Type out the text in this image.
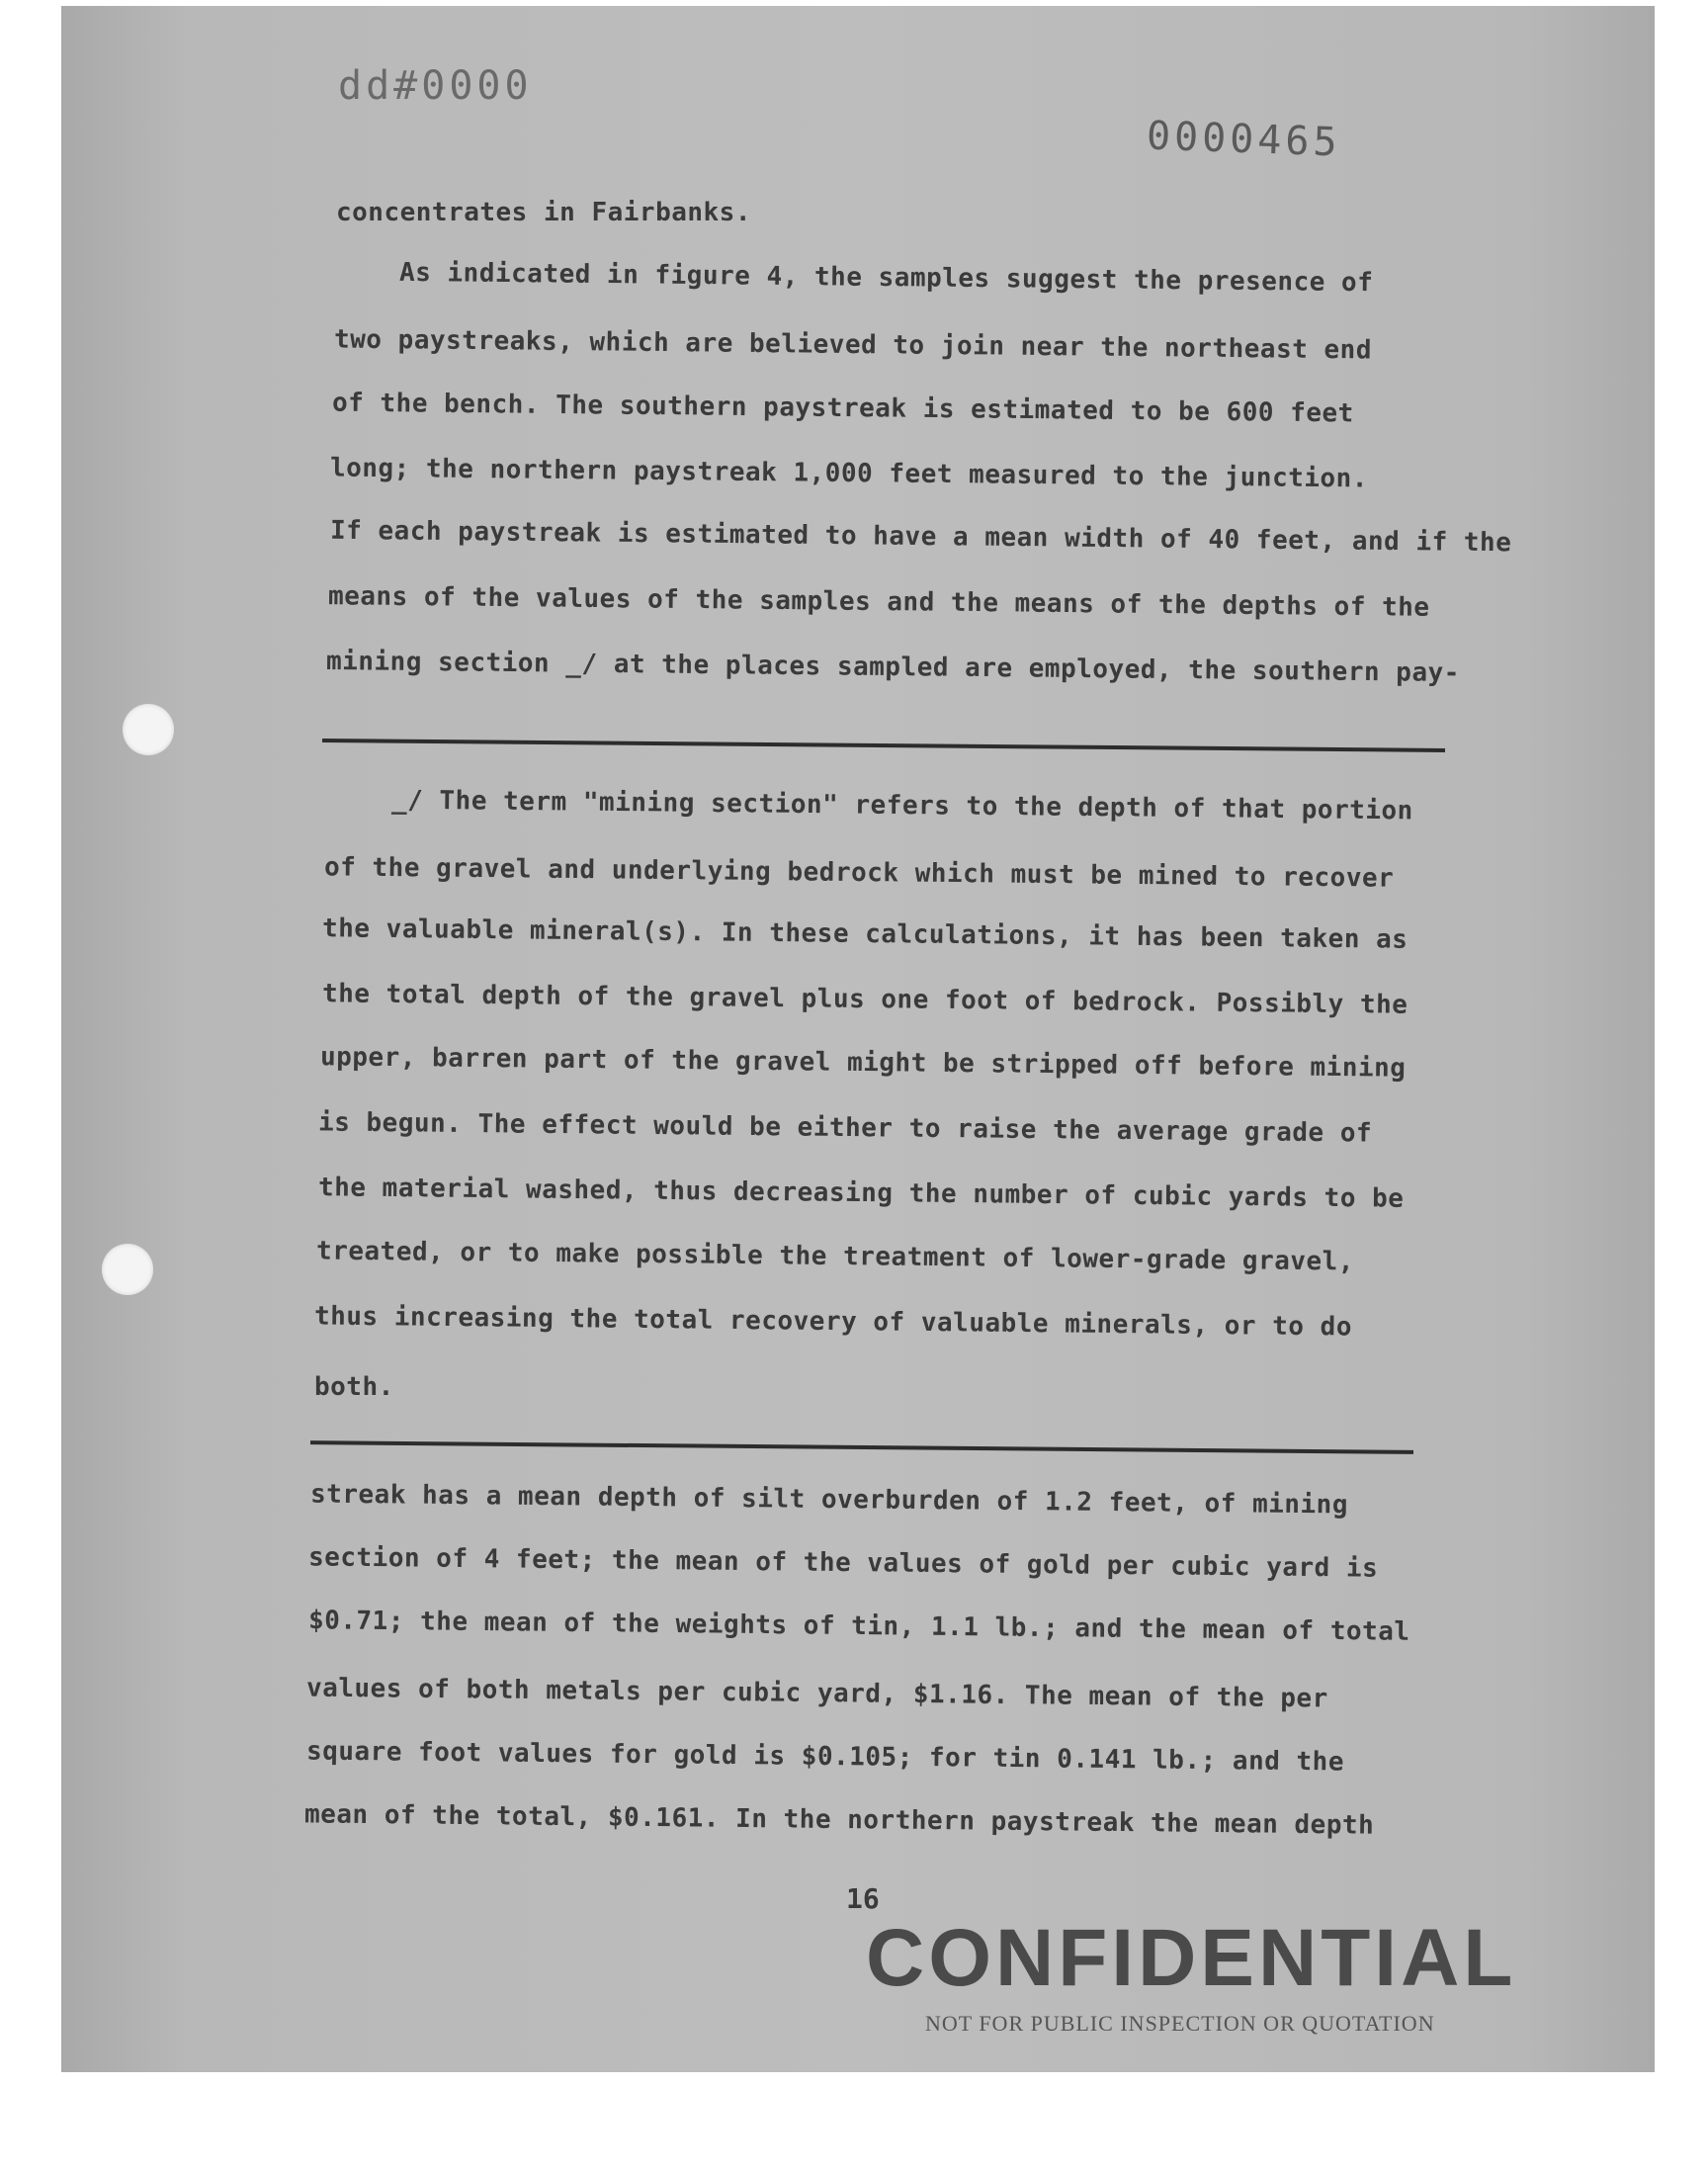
dd#0000
0000465
concentrates in Fairbanks.
As indicated in figure 4, the samples suggest the presence of
two paystreaks, which are believed to join near the northeast end
of the bench. The southern paystreak is estimated to be 600 feet
long; the northern paystreak 1,000 feet measured to the junction.
If each paystreak is estimated to have a mean width of 40 feet, and if the
means of the values of the samples and the means of the depths of the
mining section _/ at the places sampled are employed, the southern pay-
_/ The term "mining section" refers to the depth of that portion
of the gravel and underlying bedrock which must be mined to recover
the valuable mineral(s). In these calculations, it has been taken as
the total depth of the gravel plus one foot of bedrock. Possibly the
upper, barren part of the gravel might be stripped off before mining
is begun. The effect would be either to raise the average grade of
the material washed, thus decreasing the number of cubic yards to be
treated, or to make possible the treatment of lower-grade gravel,
thus increasing the total recovery of valuable minerals, or to do
both.
streak has a mean depth of silt overburden of 1.2 feet, of mining
section of 4 feet; the mean of the values of gold per cubic yard is
$0.71; the mean of the weights of tin, 1.1 lb.; and the mean of total
values of both metals per cubic yard, $1.16. The mean of the per
square foot values for gold is $0.105; for tin 0.141 lb.; and the
mean of the total, $0.161. In the northern paystreak the mean depth
16
CONFIDENTIAL
NOT FOR PUBLIC INSPECTION OR QUOTATION
